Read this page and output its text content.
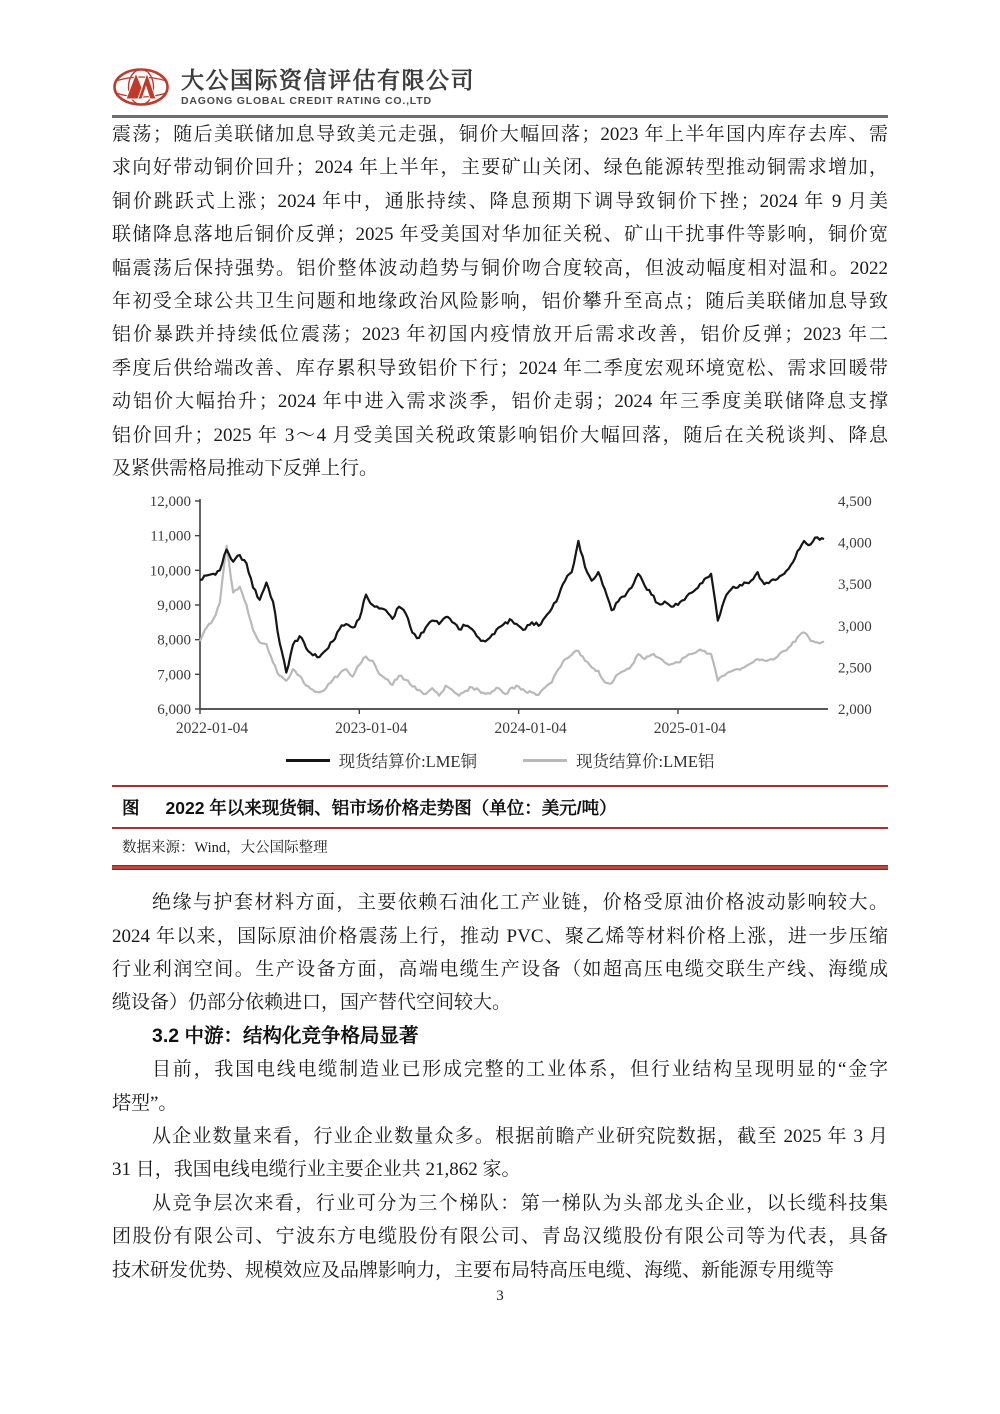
大公国际资信评估有限公司
DAGONG GLOBAL CREDIT RATING CO.,LTD
震荡；随后美联储加息导致美元走强，铜价大幅回落；2023 年上半年国内库存去库、需
求向好带动铜价回升；2024 年上半年，主要矿山关闭、绿色能源转型推动铜需求增加，
铜价跳跃式上涨；2024 年中，通胀持续、降息预期下调导致铜价下挫；2024 年 9 月美
联储降息落地后铜价反弹；2025 年受美国对华加征关税、矿山干扰事件等影响，铜价宽
幅震荡后保持强势。铝价整体波动趋势与铜价吻合度较高，但波动幅度相对温和。2022
年初受全球公共卫生问题和地缘政治风险影响，铝价攀升至高点；随后美联储加息导致
铝价暴跌并持续低位震荡；2023 年初国内疫情放开后需求改善，铝价反弹；2023 年二
季度后供给端改善、库存累积导致铝价下行；2024 年二季度宏观环境宽松、需求回暖带
动铝价大幅抬升；2024 年中进入需求淡季，铝价走弱；2024 年三季度美联储降息支撑
铝价回升；2025 年 3～4 月受美国关税政策影响铝价大幅回落，随后在关税谈判、降息
及紧供需格局推动下反弹上行。
12,000
11,000
10,000
9,000
8,000
7,000
6,000
4,500
4,000
3,500
3,000
2,500
2,000
2022-01-04	2023-01-04	2024-01-04	2025-01-04
现货结算价:LME铜	现货结算价:LME铝
图 2022 年以来现货铜、铝市场价格走势图（单位：美元/吨）
数据来源：Wind，大公国际整理
绝缘与护套材料方面，主要依赖石油化工产业链，价格受原油价格波动影响较大。
2024 年以来，国际原油价格震荡上行，推动 PVC、聚乙烯等材料价格上涨，进一步压缩
行业利润空间。生产设备方面，高端电缆生产设备（如超高压电缆交联生产线、海缆成
缆设备）仍部分依赖进口，国产替代空间较大。
3.2 中游：结构化竞争格局显著
目前，我国电线电缆制造业已形成完整的工业体系，但行业结构呈现明显的“金字
塔型”。
从企业数量来看，行业企业数量众多。根据前瞻产业研究院数据，截至 2025 年 3 月
31 日，我国电线电缆行业主要企业共 21,862 家。
从竞争层次来看，行业可分为三个梯队：第一梯队为头部龙头企业，以长缆科技集
团股份有限公司、宁波东方电缆股份有限公司、青岛汉缆股份有限公司等为代表，具备
技术研发优势、规模效应及品牌影响力，主要布局特高压电缆、海缆、新能源专用缆等
3
